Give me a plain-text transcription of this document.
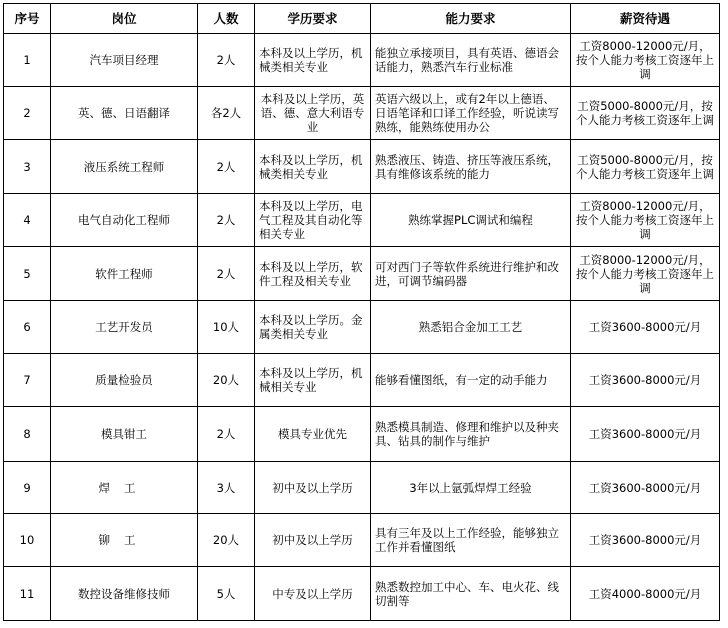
序号	岗位	人数	学历要求	能力要求	薪资待遇
1	汽车项目经理	2人	本科及以上学历，机械类相关专业	能独立承接项目，具有英语、德语会话能力，熟悉汽车行业标准	工资8000-12000元/月，按个人能力考核工资逐年上调
2	英、德、日语翻译	各2人	本科及以上学历，英语、德、意大利语专业	英语六级以上，或有2年以上德语、日语笔译和口译工作经验，听说读写熟练，能熟练使用办公	工资5000-8000元/月，按个人能力考核工资逐年上调
3	液压系统工程师	2人	本科及以上学历，机械类相关专业	熟悉液压、铸造、挤压等液压系统，具有维修该系统的能力	工资5000-8000元/月，按个人能力考核工资逐年上调
4	电气自动化工程师	2人	本科及以上学历，电气工程及其自动化等相关专业	熟练掌握PLC调试和编程	工资8000-12000元/月，按个人能力考核工资逐年上调
5	软件工程师	2人	本科及以上学历，软件工程及相关专业	可对西门子等软件系统进行维护和改进，可调节编码器	工资8000-12000元/月，按个人能力考核工资逐年上调
6	工艺开发员	10人	本科及以上学历。金属类相关专业	熟悉铝合金加工工艺	工资3600-8000元/月
7	质量检验员	20人	本科及以上学历，机械相关专业	能够看懂图纸，有一定的动手能力	工资3600-8000元/月
8	模具钳工	2人	模具专业优先	熟悉模具制造、修理和维护以及种夹具、钻具的制作与维护	工资3600-8000元/月
9	焊工	3人	初中及以上学历	3年以上氩弧焊焊工经验	工资3600-8000元/月
10	铆工	20人	初中及以上学历	具有三年及以上工作经验，能够独立工作并看懂图纸	工资3600-8000元/月
11	数控设备维修技师	5人	中专及以上学历	熟悉数控加工中心、车、电火花、线切割等	工资4000-8000元/月
